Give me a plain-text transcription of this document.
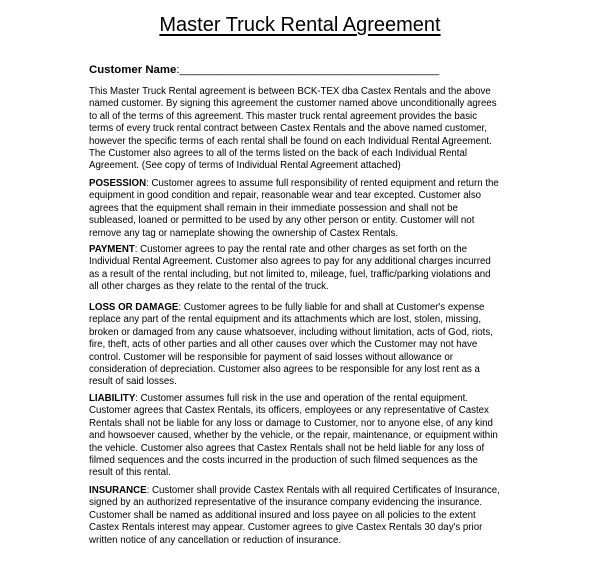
Master Truck Rental Agreement
Customer Name:_________________________________________
This Master Truck Rental agreement is between BCK-TEX dba Castex Rentals and the above
named customer. By signing this agreement the customer named above unconditionally agrees
to all of the terms of this agreement. This master truck rental agreement provides the basic
terms of every truck rental contract between Castex Rentals and the above named customer,
however the specific terms of each rental shall be found on each Individual Rental Agreement.
The Customer also agrees to all of the terms listed on the back of each Individual Rental
Agreement. (See copy of terms of Individual Rental Agreement attached)
POSESSION: Customer agrees to assume full responsibility of rented equipment and return the
equipment in good condition and repair, reasonable wear and tear excepted. Customer also
agrees that the equipment shall remain in their immediate possession and shall not be
subleased, loaned or permitted to be used by any other person or entity. Customer will not
remove any tag or nameplate showing the ownership of Castex Rentals.
PAYMENT: Customer agrees to pay the rental rate and other charges as set forth on the
Individual Rental Agreement. Customer also agrees to pay for any additional charges incurred
as a result of the rental including, but not limited to, mileage, fuel, traffic/parking violations and
all other charges as they relate to the rental of the truck.
LOSS OR DAMAGE: Customer agrees to be fully liable for and shall at Customer's expense
replace any part of the rental equipment and its attachments which are lost, stolen, missing,
broken or damaged from any cause whatsoever, including without limitation, acts of God, riots,
fire, theft, acts of other parties and all other causes over which the Customer may not have
control. Customer will be responsible for payment of said losses without allowance or
consideration of depreciation. Customer also agrees to be responsible for any lost rent as a
result of said losses.
LIABILITY: Customer assumes full risk in the use and operation of the rental equipment.
Customer agrees that Castex Rentals, its officers, employees or any representative of Castex
Rentals shall not be liable for any loss or damage to Customer, nor to anyone else, of any kind
and howsoever caused, whether by the vehicle, or the repair, maintenance, or equipment within
the vehicle. Customer also agrees that Castex Rentals shall not be held liable for any loss of
filmed sequences and the costs incurred in the production of such filmed sequences as the
result of this rental.
INSURANCE: Customer shall provide Castex Rentals with all required Certificates of Insurance,
signed by an authorized representative of the insurance company evidencing the insurance.
Customer shall be named as additional insured and loss payee on all policies to the extent
Castex Rentals interest may appear. Customer agrees to give Castex Rentals 30 day's prior
written notice of any cancellation or reduction of insurance.
